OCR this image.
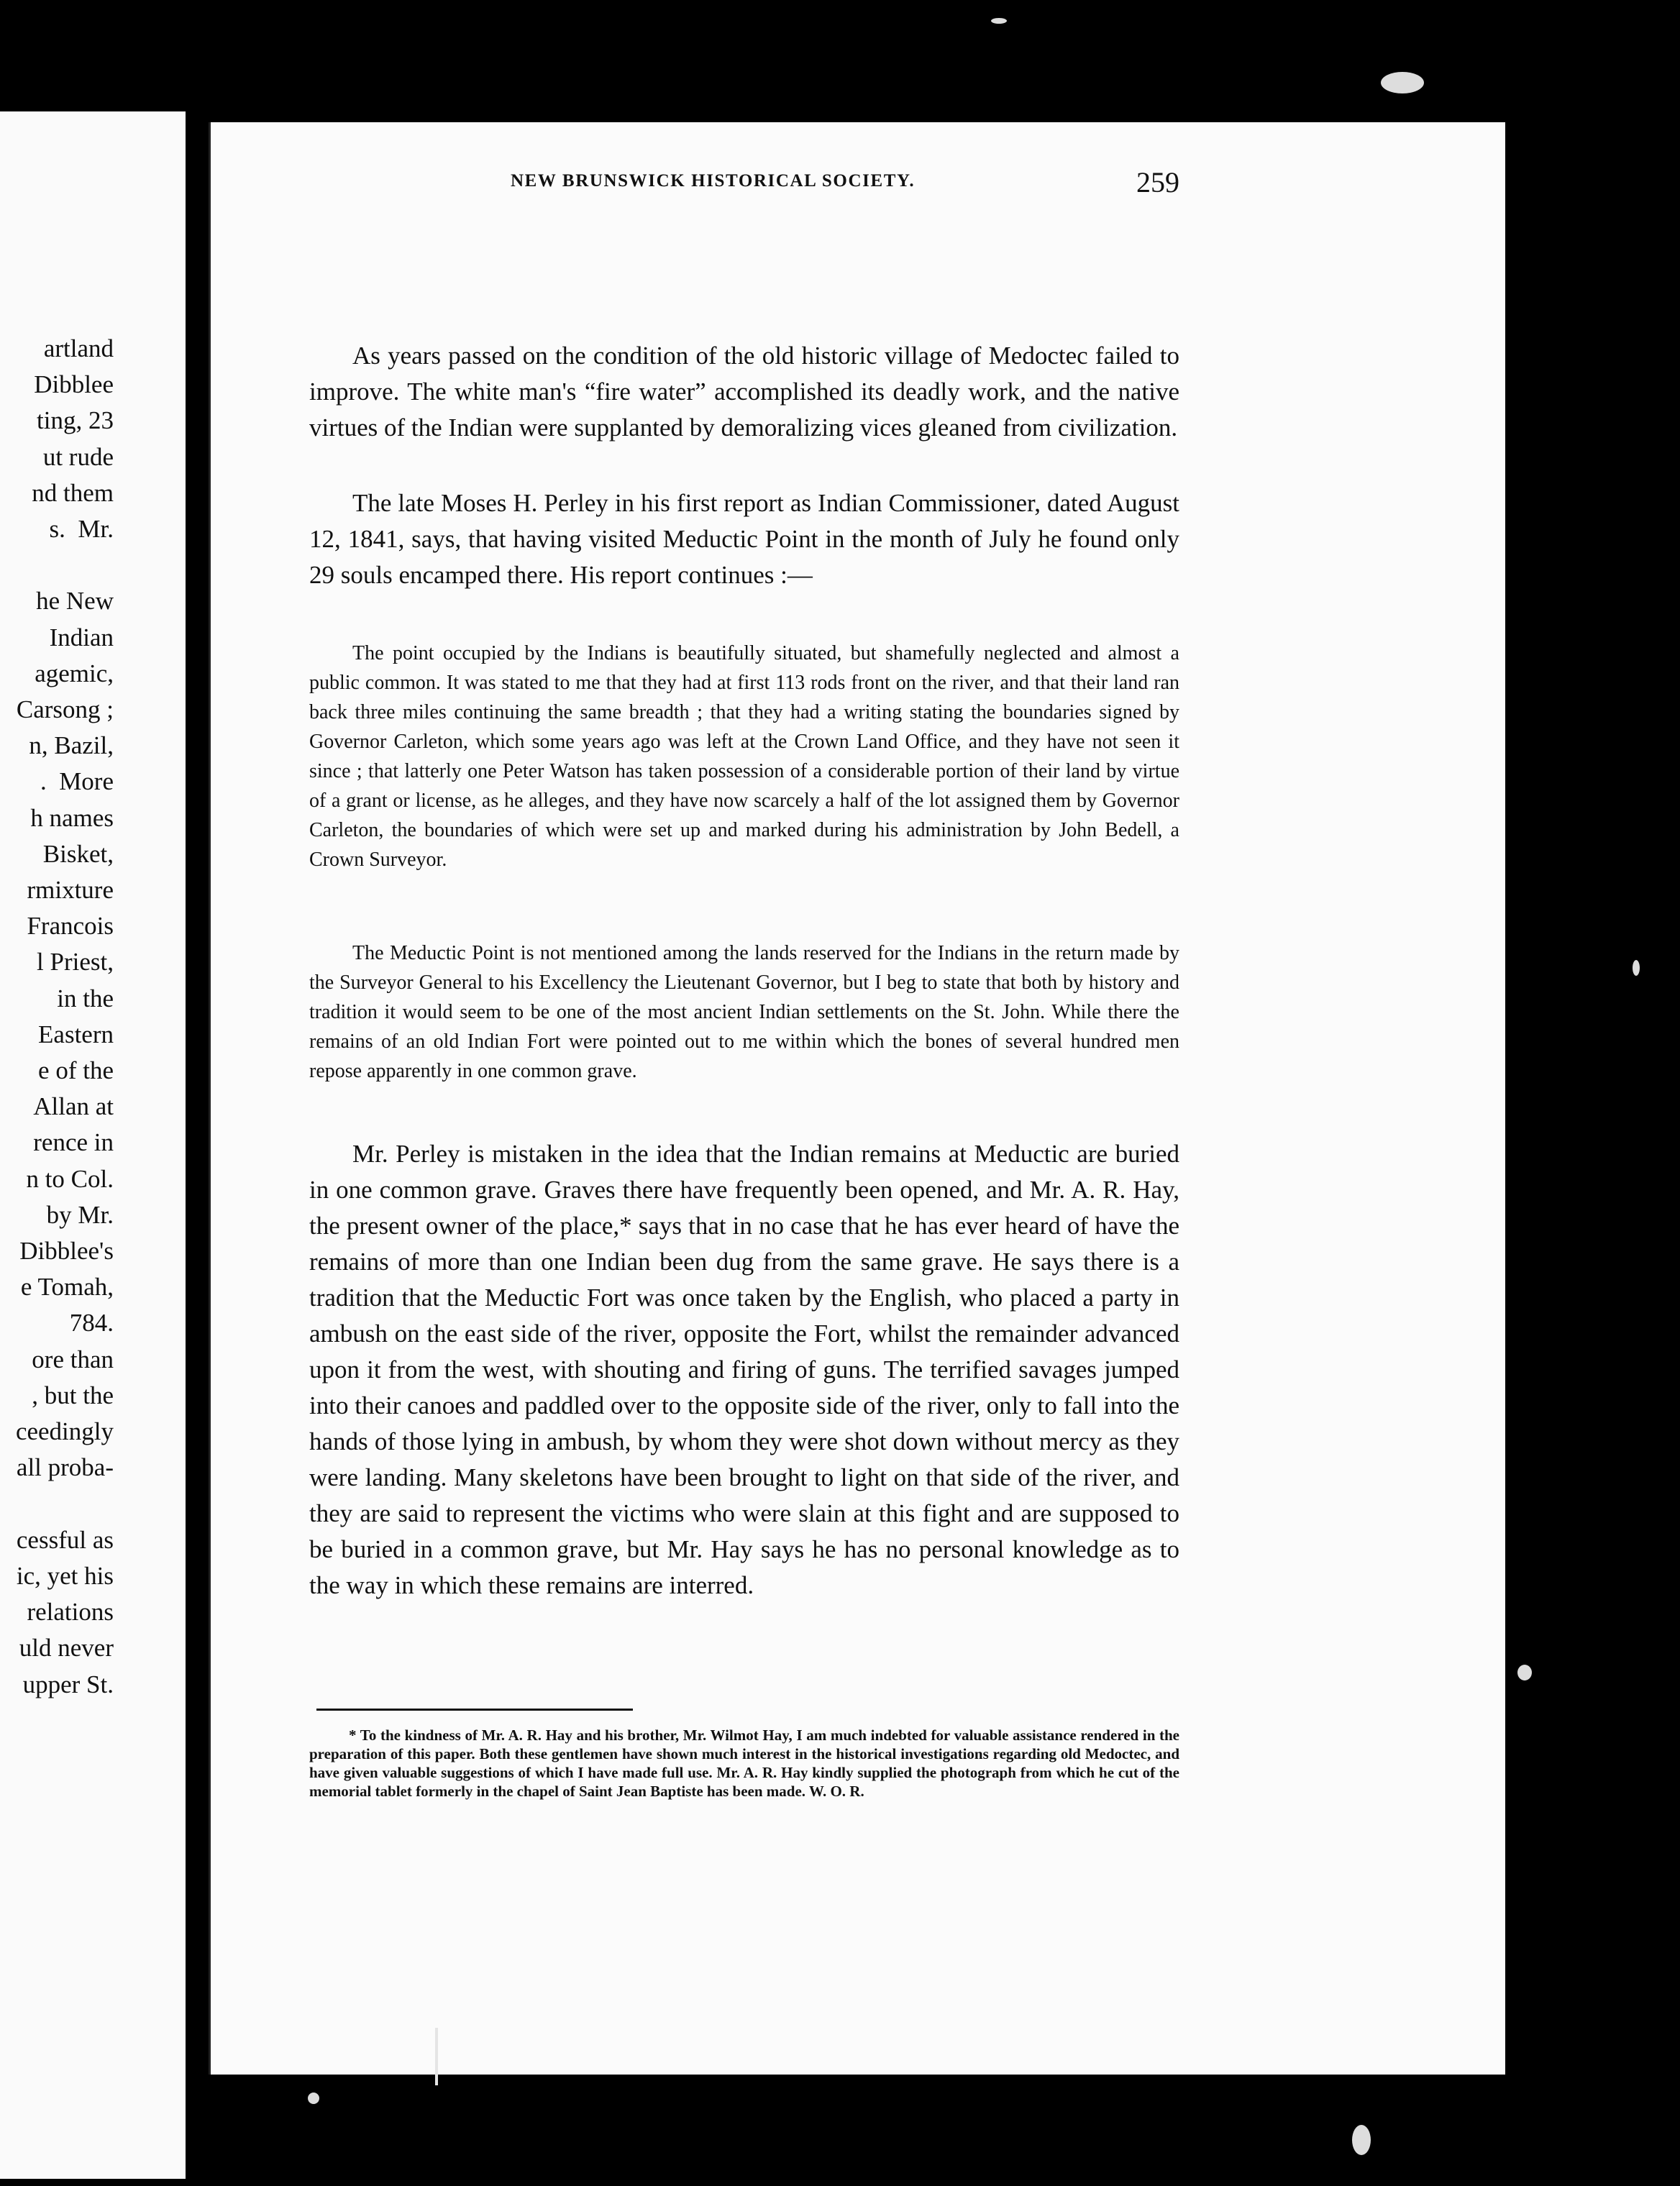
artland
Dibblee
ting, 23
ut rude
nd them
s.  Mr.

he New
Indian
agemic,
Carsong ;
n, Bazil,
.  More
h names
Bisket,
rmixture
Francois
l Priest,
in the
Eastern
e of the
Allan at
rence in
n to Col.
by Mr.
Dibblee's
e Tomah,
784.
ore than
, but the
ceedingly
all proba-

cessful as
ic, yet his
relations
uld never
upper St.
NEW BRUNSWICK HISTORICAL SOCIETY.	259

As years passed on the condition of the old historic village of Medoctec failed to improve. The white man's “fire water” accomplished its deadly work, and the native virtues of the Indian were supplanted by demoralizing vices gleaned from civilization.

The late Moses H. Perley in his first report as Indian Commissioner, dated August 12, 1841, says, that having visited Meductic Point in the month of July he found only 29 souls encamped there. His report continues :—

The point occupied by the Indians is beautifully situated, but shamefully neglected and almost a public common. It was stated to me that they had at first 113 rods front on the river, and that their land ran back three miles continuing the same breadth ; that they had a writing stating the boundaries signed by Governor Carleton, which some years ago was left at the Crown Land Office, and they have not seen it since ; that latterly one Peter Watson has taken possession of a considerable portion of their land by virtue of a grant or license, as he alleges, and they have now scarcely a half of the lot assigned them by Governor Carleton, the boundaries of which were set up and marked during his administration by John Bedell, a Crown Surveyor.

The Meductic Point is not mentioned among the lands reserved for the Indians in the return made by the Surveyor General to his Excellency the Lieutenant Governor, but I beg to state that both by history and tradition it would seem to be one of the most ancient Indian settlements on the St. John. While there the remains of an old Indian Fort were pointed out to me within which the bones of several hundred men repose apparently in one common grave.

Mr. Perley is mistaken in the idea that the Indian remains at Meductic are buried in one common grave. Graves there have frequently been opened, and Mr. A. R. Hay, the present owner of the place,* says that in no case that he has ever heard of have the remains of more than one Indian been dug from the same grave. He says there is a tradition that the Meductic Fort was once taken by the English, who placed a party in ambush on the east side of the river, opposite the Fort, whilst the remainder advanced upon it from the west, with shouting and firing of guns. The terrified savages jumped into their canoes and paddled over to the opposite side of the river, only to fall into the hands of those lying in ambush, by whom they were shot down without mercy as they were landing. Many skeletons have been brought to light on that side of the river, and they are said to represent the victims who were slain at this fight and are supposed to be buried in a common grave, but Mr. Hay says he has no personal knowledge as to the way in which these remains are interred.

* To the kindness of Mr. A. R. Hay and his brother, Mr. Wilmot Hay, I am much indebted for valuable assistance rendered in the preparation of this paper. Both these gentlemen have shown much interest in the historical investigations regarding old Medoctec, and have given valuable suggestions of which I have made full use. Mr. A. R. Hay kindly supplied the photograph from which he cut of the memorial tablet formerly in the chapel of Saint Jean Baptiste has been made. W. O. R.
